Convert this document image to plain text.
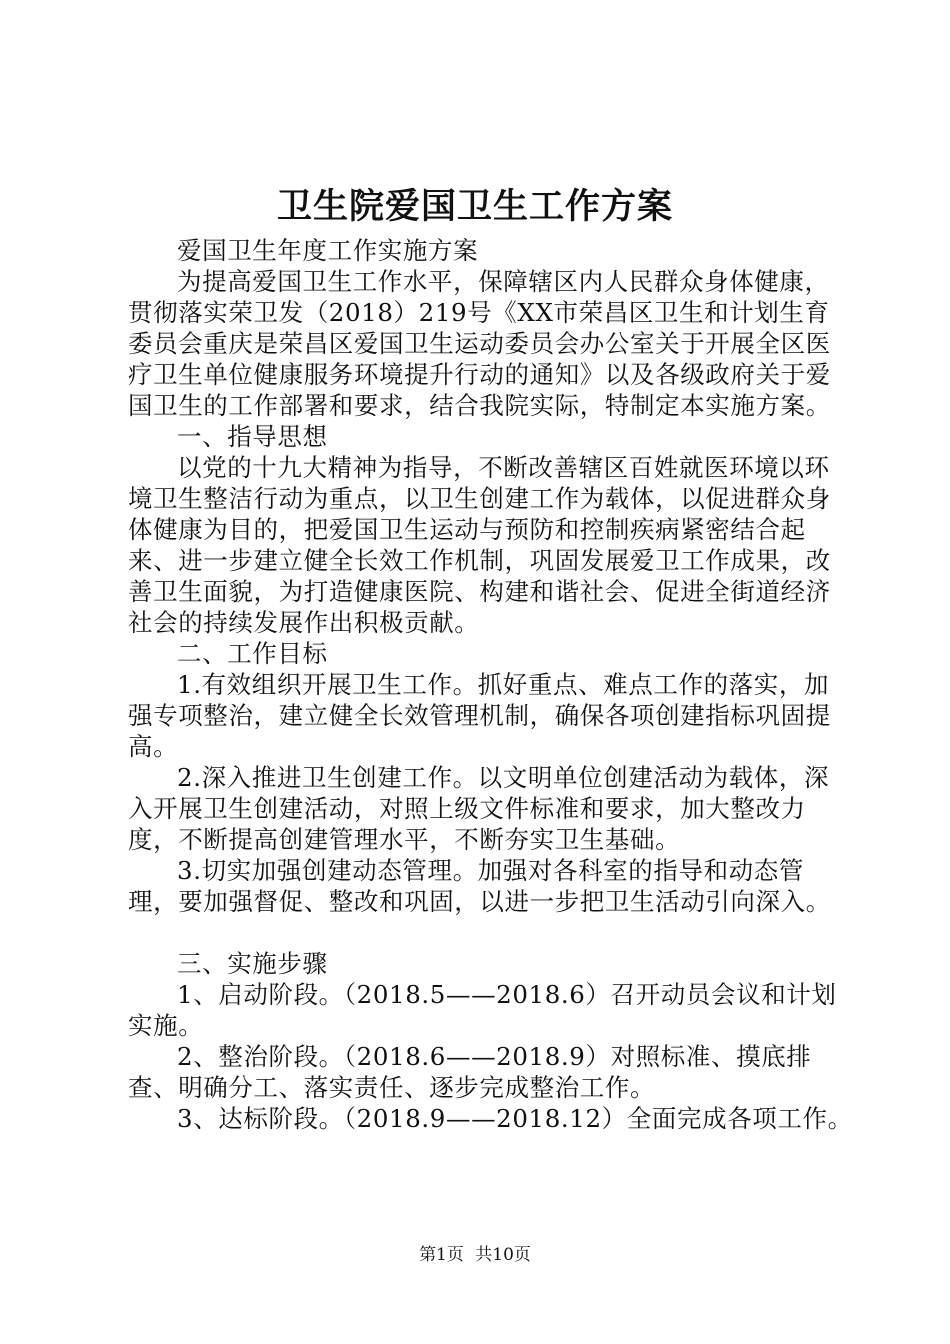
卫生院爱国卫生工作方案

爱国卫生年度工作实施方案

为提高爱国卫生工作水平，保障辖区内人民群众身体健康，贯彻落实荣卫发（2018）219号《XX市荣昌区卫生和计划生育委员会重庆是荣昌区爱国卫生运动委员会办公室关于开展全区医疗卫生单位健康服务环境提升行动的通知》以及各级政府关于爱国卫生的工作部署和要求，结合我院实际，特制定本实施方案。

一、指导思想

以党的十九大精神为指导，不断改善辖区百姓就医环境以环境卫生整洁行动为重点，以卫生创建工作为载体，以促进群众身体健康为目的，把爱国卫生运动与预防和控制疾病紧密结合起来、进一步建立健全长效工作机制，巩固发展爱卫工作成果，改善卫生面貌，为打造健康医院、构建和谐社会、促进全街道经济社会的持续发展作出积极贡献。

二、工作目标

1.有效组织开展卫生工作。抓好重点、难点工作的落实，加强专项整治，建立健全长效管理机制，确保各项创建指标巩固提高。

2.深入推进卫生创建工作。以文明单位创建活动为载体，深入开展卫生创建活动，对照上级文件标准和要求，加大整改力度，不断提高创建管理水平，不断夯实卫生基础。

3.切实加强创建动态管理。加强对各科室的指导和动态管理，要加强督促、整改和巩固，以进一步把卫生活动引向深入。

三、实施步骤

1、启动阶段。（2018.5——2018.6）召开动员会议和计划实施。

2、整治阶段。（2018.6——2018.9）对照标准、摸底排查、明确分工、落实责任、逐步完成整治工作。

3、达标阶段。（2018.9——2018.12）全面完成各项工作。

第1页 共10页
